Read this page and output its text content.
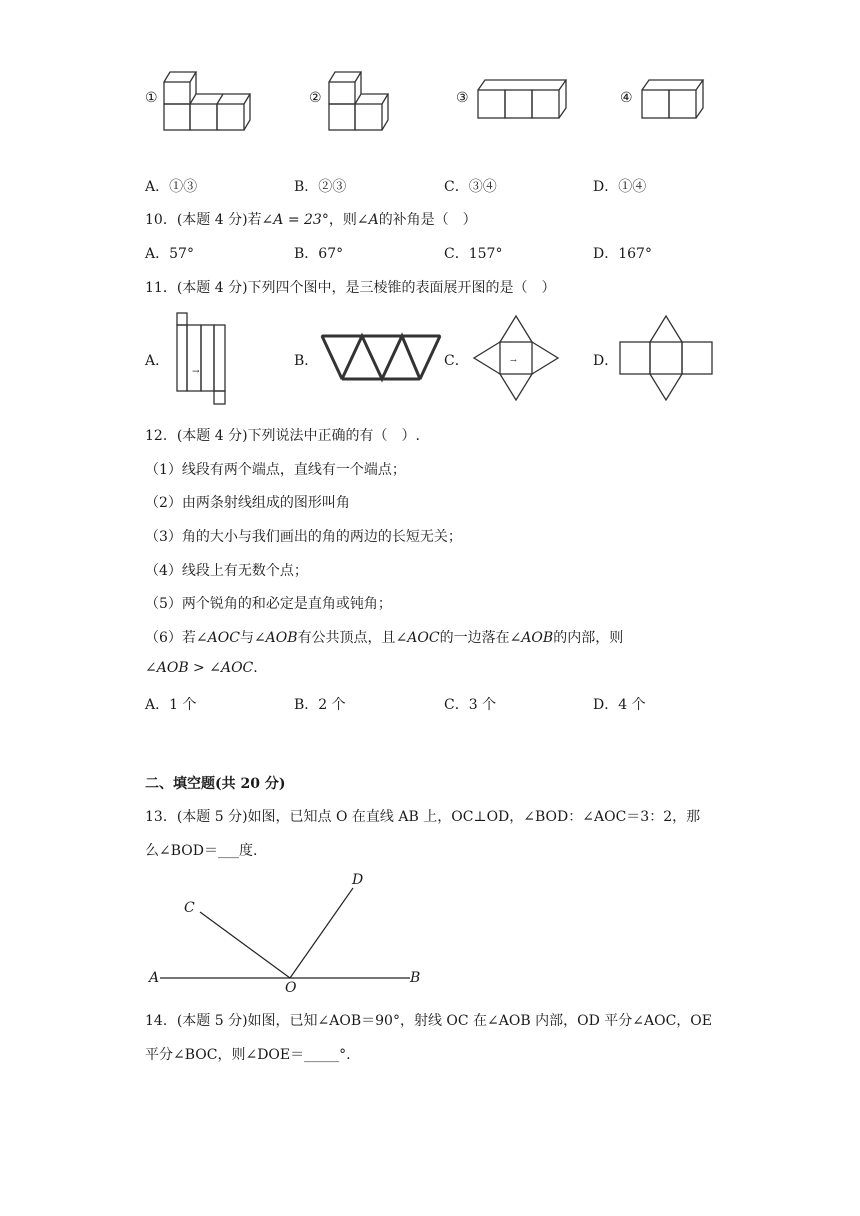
①	②	③	④
A．①③	B．②③	C．③④	D．①④
10．(本题 4 分)若∠A = 23°，则∠A的补角是（　）
A．57°	B．67°	C．157°	D．167°
11．(本题 4 分)下列四个图中，是三棱锥的表面展开图的是（　）
A．
→
B．	C．	→	D．
12．(本题 4 分)下列说法中正确的有（　）.
（1）线段有两个端点，直线有一个端点；
（2）由两条射线组成的图形叫角
（3）角的大小与我们画出的角的两边的长短无关；
（4）线段上有无数个点；
（5）两个锐角的和必定是直角或钝角；
（6）若∠AOC与∠AOB有公共顶点，且∠AOC的一边落在∠AOB的内部，则
∠AOB > ∠AOC.
A．1 个	B．2 个	C．3 个	D．4 个
二、填空题(共 20 分)
13．(本题 5 分)如图，已知点 O 在直线 AB 上，OC⊥OD，∠BOD：∠AOC＝3：2，那
么∠BOD＝___度.
A	B
C
D
O
14．(本题 5 分)如图，已知∠AOB＝90°，射线 OC 在∠AOB 内部，OD 平分∠AOC，OE
平分∠BOC，则∠DOE＝_____°.
